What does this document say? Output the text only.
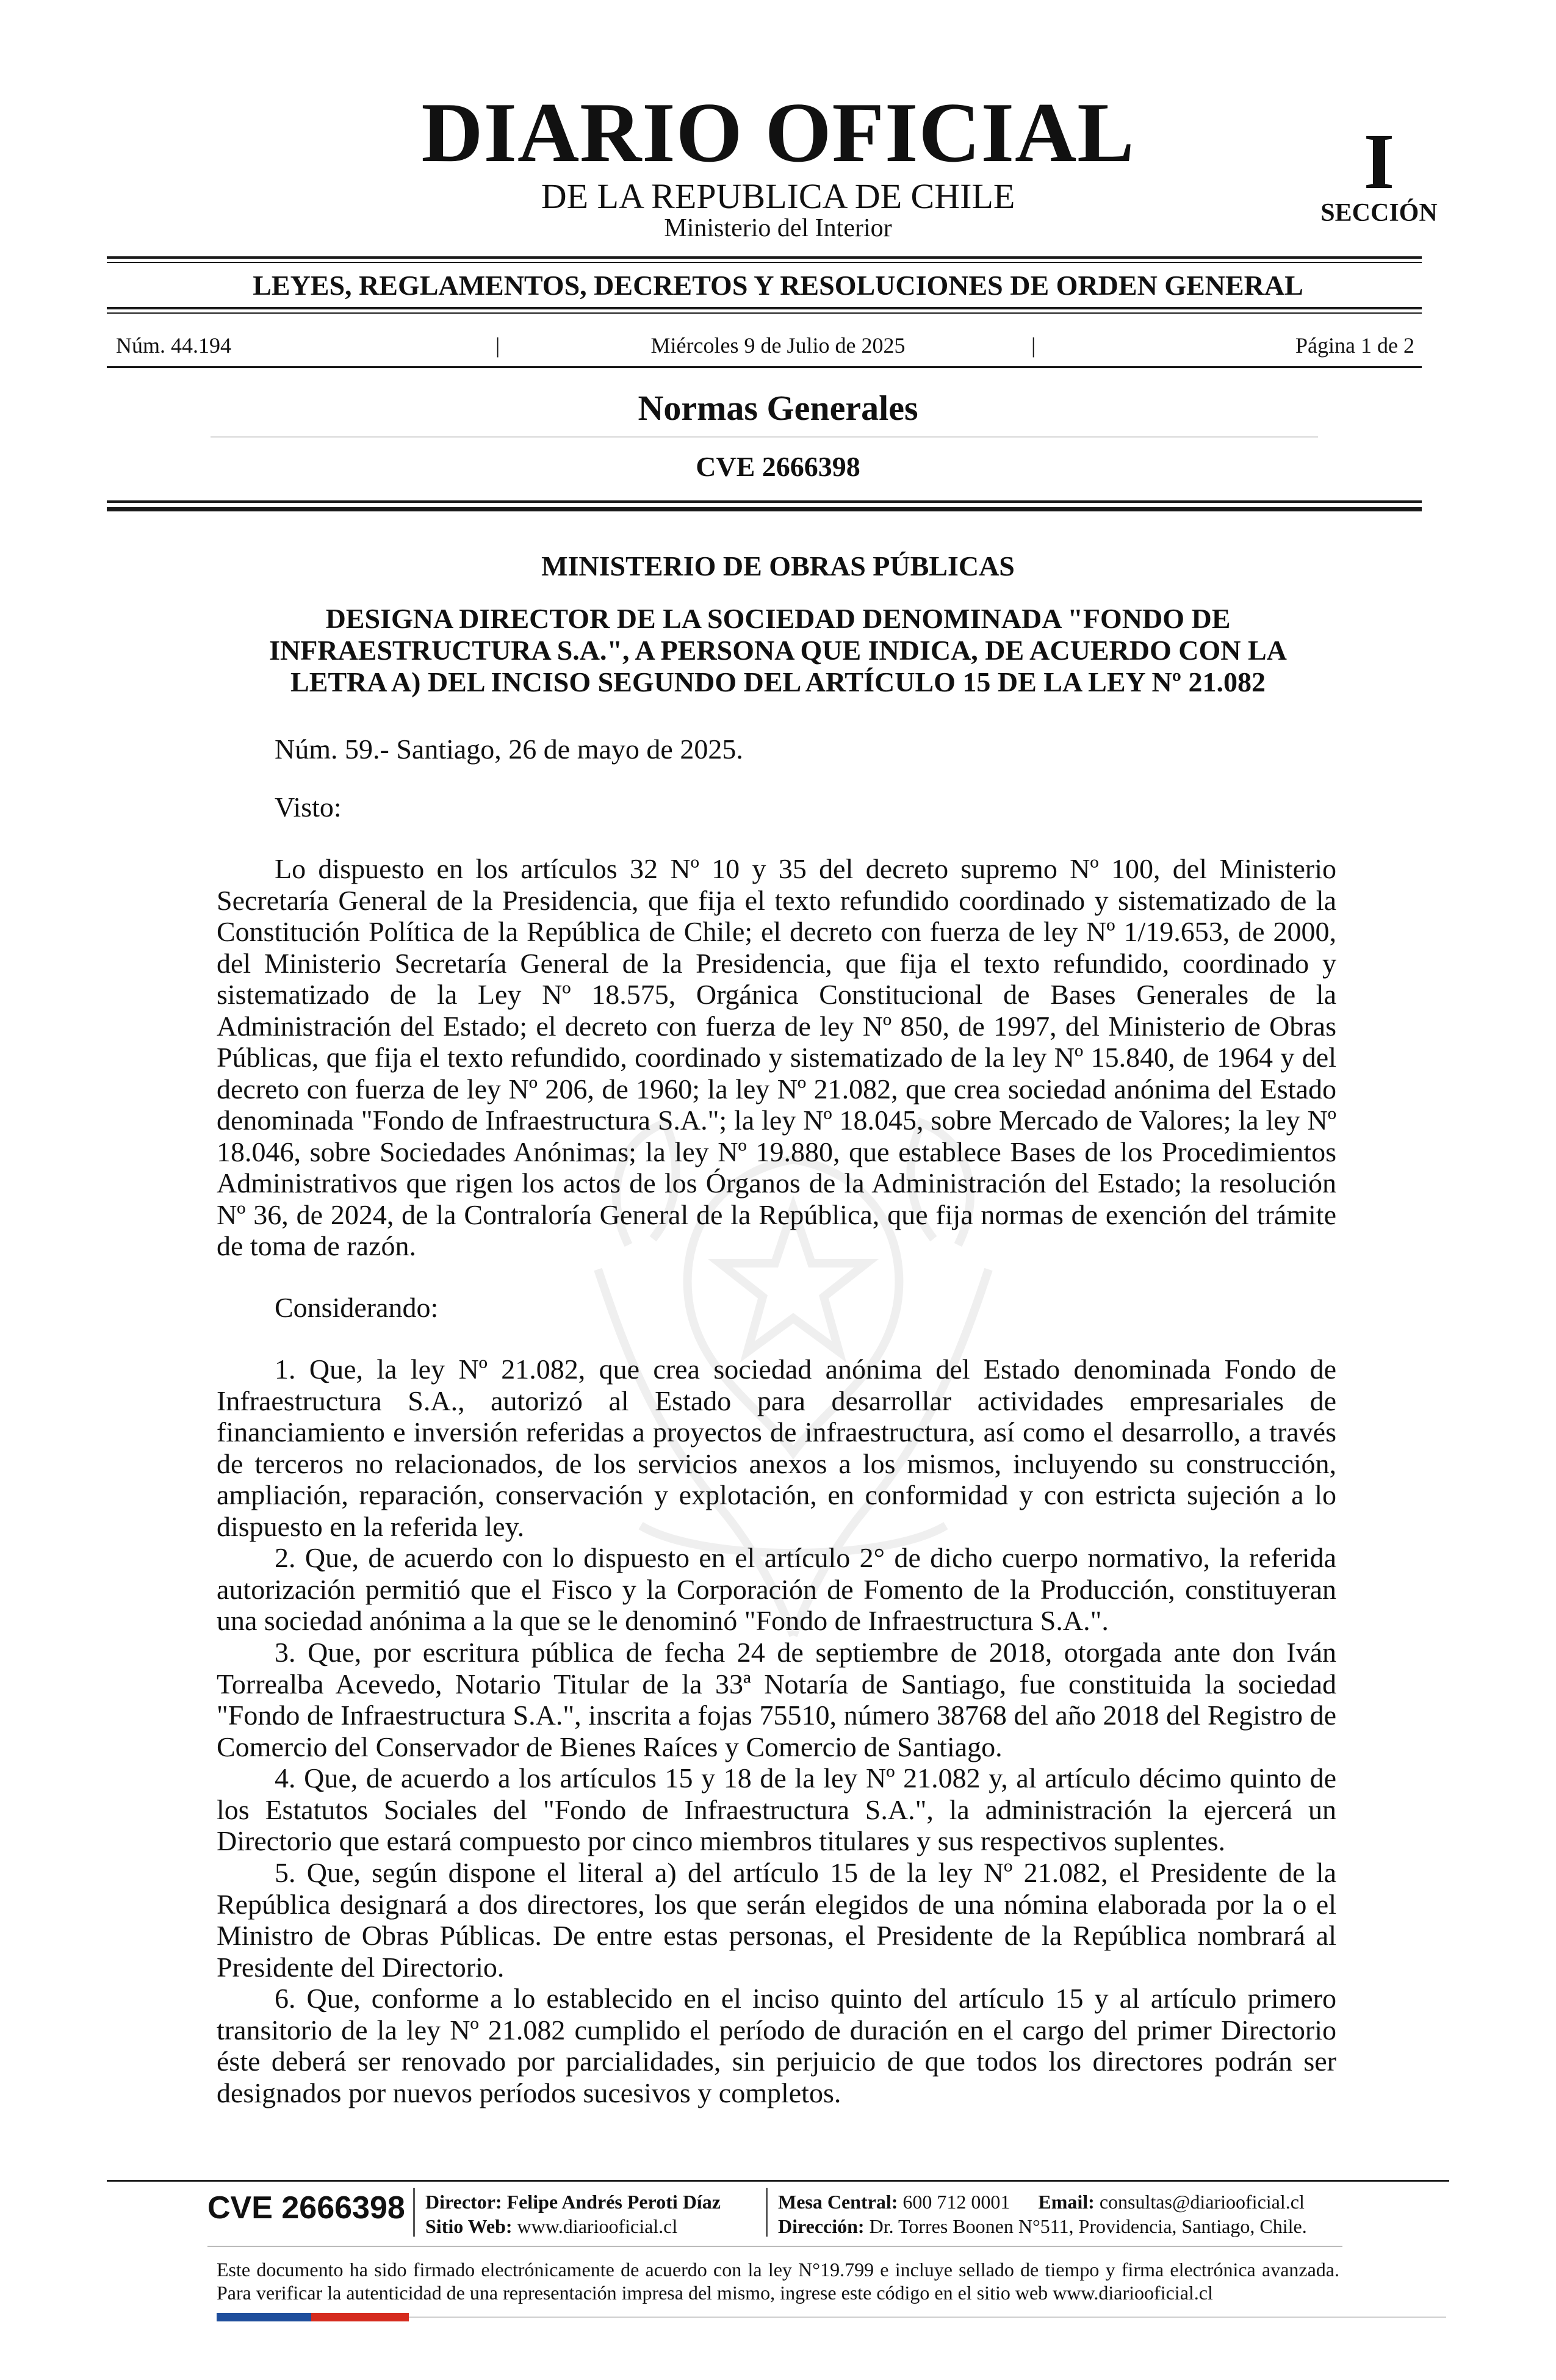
DIARIO OFICIAL
DE LA REPUBLICA DE CHILE
Ministerio del Interior
I
SECCIÓN
LEYES, REGLAMENTOS, DECRETOS Y RESOLUCIONES DE ORDEN GENERAL
Núm. 44.194	|	Miércoles 9 de Julio de 2025	|	Página 1 de 2
Normas Generales
CVE 2666398
MINISTERIO DE OBRAS PÚBLICAS
DESIGNA DIRECTOR DE LA SOCIEDAD DENOMINADA "FONDO DE INFRAESTRUCTURA S.A.", A PERSONA QUE INDICA, DE ACUERDO CON LA LETRA A) DEL INCISO SEGUNDO DEL ARTÍCULO 15 DE LA LEY Nº 21.082
Núm. 59.- Santiago, 26 de mayo de 2025.
Visto:
Lo dispuesto en los artículos 32 Nº 10 y 35 del decreto supremo Nº 100, del Ministerio Secretaría General de la Presidencia, que fija el texto refundido coordinado y sistematizado de la Constitución Política de la República de Chile; el decreto con fuerza de ley Nº 1/19.653, de 2000, del Ministerio Secretaría General de la Presidencia, que fija el texto refundido, coordinado y sistematizado de la Ley Nº 18.575, Orgánica Constitucional de Bases Generales de la Administración del Estado; el decreto con fuerza de ley Nº 850, de 1997, del Ministerio de Obras Públicas, que fija el texto refundido, coordinado y sistematizado de la ley Nº 15.840, de 1964 y del decreto con fuerza de ley Nº 206, de 1960; la ley Nº 21.082, que crea sociedad anónima del Estado denominada "Fondo de Infraestructura S.A."; la ley Nº 18.045, sobre Mercado de Valores; la ley Nº 18.046, sobre Sociedades Anónimas; la ley Nº 19.880, que establece Bases de los Procedimientos Administrativos que rigen los actos de los Órganos de la Administración del Estado; la resolución Nº 36, de 2024, de la Contraloría General de la República, que fija normas de exención del trámite de toma de razón.
Considerando:
1. Que, la ley Nº 21.082, que crea sociedad anónima del Estado denominada Fondo de Infraestructura S.A., autorizó al Estado para desarrollar actividades empresariales de financiamiento e inversión referidas a proyectos de infraestructura, así como el desarrollo, a través de terceros no relacionados, de los servicios anexos a los mismos, incluyendo su construcción, ampliación, reparación, conservación y explotación, en conformidad y con estricta sujeción a lo dispuesto en la referida ley.
2. Que, de acuerdo con lo dispuesto en el artículo 2° de dicho cuerpo normativo, la referida autorización permitió que el Fisco y la Corporación de Fomento de la Producción, constituyeran una sociedad anónima a la que se le denominó "Fondo de Infraestructura S.A.".
3. Que, por escritura pública de fecha 24 de septiembre de 2018, otorgada ante don Iván Torrealba Acevedo, Notario Titular de la 33ª Notaría de Santiago, fue constituida la sociedad "Fondo de Infraestructura S.A.", inscrita a fojas 75510, número 38768 del año 2018 del Registro de Comercio del Conservador de Bienes Raíces y Comercio de Santiago.
4. Que, de acuerdo a los artículos 15 y 18 de la ley Nº 21.082 y, al artículo décimo quinto de los Estatutos Sociales del "Fondo de Infraestructura S.A.", la administración la ejercerá un Directorio que estará compuesto por cinco miembros titulares y sus respectivos suplentes.
5. Que, según dispone el literal a) del artículo 15 de la ley Nº 21.082, el Presidente de la República designará a dos directores, los que serán elegidos de una nómina elaborada por la o el Ministro de Obras Públicas. De entre estas personas, el Presidente de la República nombrará al Presidente del Directorio.
6. Que, conforme a lo establecido en el inciso quinto del artículo 15 y al artículo primero transitorio de la ley Nº 21.082 cumplido el período de duración en el cargo del primer Directorio éste deberá ser renovado por parcialidades, sin perjuicio de que todos los directores podrán ser designados por nuevos períodos sucesivos y completos.
CVE 2666398 Director: Felipe Andrés Peroti Díaz
Sitio Web: www.diariooficial.cl
Mesa Central: 600 712 0001 Email: consultas@diariooficial.cl
Dirección: Dr. Torres Boonen N°511, Providencia, Santiago, Chile.
Este documento ha sido firmado electrónicamente de acuerdo con la ley N°19.799 e incluye sellado de tiempo y firma electrónica avanzada. Para verificar la autenticidad de una representación impresa del mismo, ingrese este código en el sitio web www.diariooficial.cl
